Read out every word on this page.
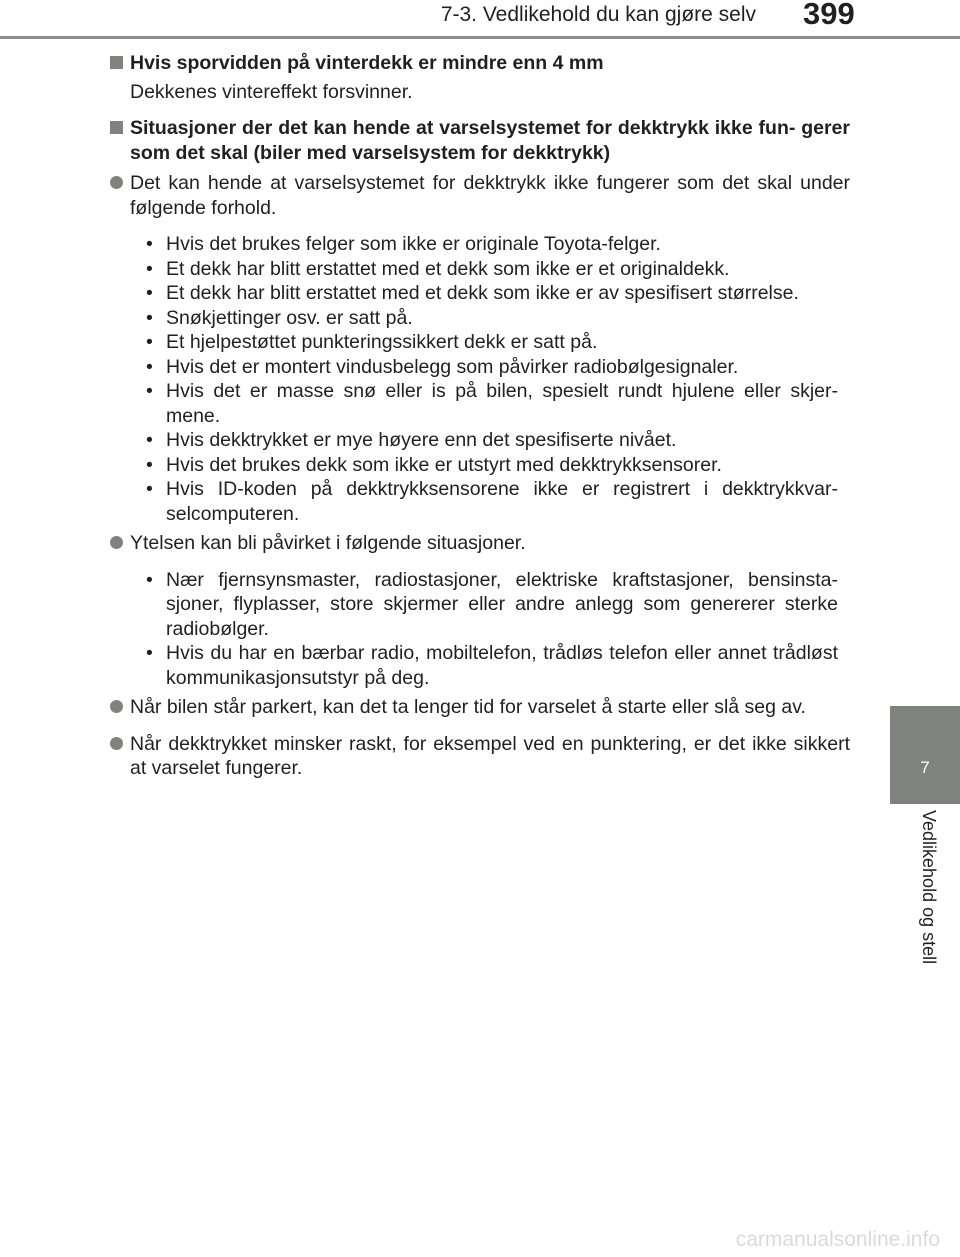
7-3. Vedlikehold du kan gjøre selv 399
7
Vedlikehold og stell

Hvis sporvidden på vinterdekk er mindre enn 4 mm

Dekkenes vintereffekt forsvinner.

Situasjoner der det kan hende at varselsystemet for dekktrykk ikke fun- gerer som det skal (biler med varselsystem for dekktrykk)

Det kan hende at varselsystemet for dekktrykk ikke fungerer som det skal under følgende forhold.

• Hvis det brukes felger som ikke er originale Toyota-felger.
• Et dekk har blitt erstattet med et dekk som ikke er et originaldekk.
• Et dekk har blitt erstattet med et dekk som ikke er av spesifisert størrelse.
• Snøkjettinger osv. er satt på.
• Et hjelpestøttet punkteringssikkert dekk er satt på.
• Hvis det er montert vindusbelegg som påvirker radiobølgesignaler.
• Hvis det er masse snø eller is på bilen, spesielt rundt hjulene eller skjer- mene.
• Hvis dekktrykket er mye høyere enn det spesifiserte nivået.
• Hvis det brukes dekk som ikke er utstyrt med dekktrykksensorer.
• Hvis ID-koden på dekktrykksensorene ikke er registrert i dekktrykkvar- selcomputeren.

Ytelsen kan bli påvirket i følgende situasjoner.

• Nær fjernsynsmaster, radiostasjoner, elektriske kraftstasjoner, bensinsta- sjoner, flyplasser, store skjermer eller andre anlegg som genererer sterke radiobølger.
• Hvis du har en bærbar radio, mobiltelefon, trådløs telefon eller annet trådløst kommunikasjonsutstyr på deg.

Når bilen står parkert, kan det ta lenger tid for varselet å starte eller slå seg av.

Når dekktrykket minsker raskt, for eksempel ved en punktering, er det ikke sikkert at varselet fungerer.

carmanualsonline.info
